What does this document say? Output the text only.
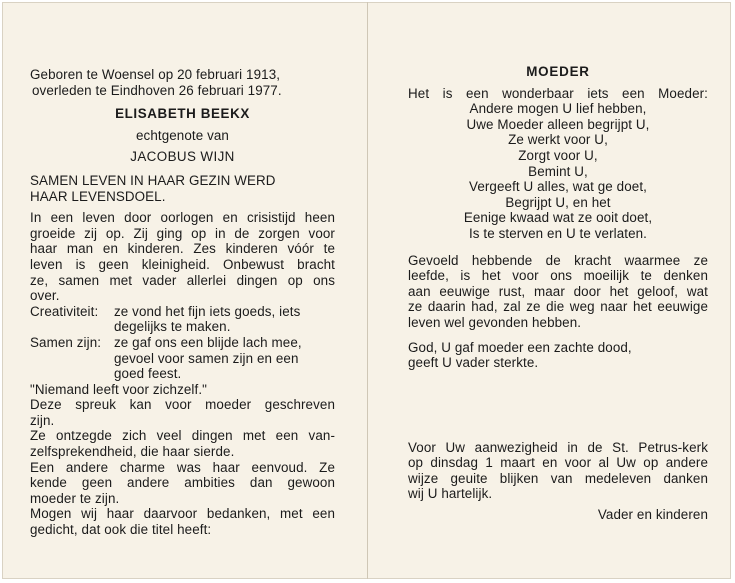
Geboren te Woensel op 20 februari 1913,
overleden te Eindhoven 26 februari 1977.
ELISABETH BEEKX
echtgenote van
JACOBUS WIJN
SAMEN LEVEN IN HAAR GEZIN WERD
HAAR LEVENSDOEL.
In een leven door oorlogen en crisistijd heen
groeide zij op. Zij ging op in de zorgen voor
haar man en kinderen. Zes kinderen vóór te
leven is geen kleinigheid. Onbewust bracht
ze, samen met vader allerlei dingen op ons
over.
Creativiteit:	ze vond het fijn iets goeds, iets
degelijks te maken.
Samen zijn: ze gaf ons een blijde lach mee,
gevoel voor samen zijn en een
goed feest.
"Niemand leeft voor zichzelf."
Deze spreuk kan voor moeder geschreven
zijn.
Ze ontzegde zich veel dingen met een van-
zelfsprekendheid, die haar sierde.
Een andere charme was haar eenvoud. Ze
kende geen andere ambities dan gewoon
moeder te zijn.
Mogen wij haar daarvoor bedanken, met een
gedicht, dat ook die titel heeft:
MOEDER
Het is een wonderbaar iets een Moeder:
Andere mogen U lief hebben,
Uwe Moeder alleen begrijpt U,
Ze werkt voor U,
Zorgt voor U,
Bemint U,
Vergeeft U alles, wat ge doet,
Begrijpt U, en het
Eenige kwaad wat ze ooit doet,
Is te sterven en U te verlaten.
Gevoeld hebbende de kracht waarmee ze
leefde, is het voor ons moeilijk te denken
aan eeuwige rust, maar door het geloof, wat
ze daarin had, zal ze die weg naar het eeuwige
leven wel gevonden hebben.
God, U gaf moeder een zachte dood,
geeft U vader sterkte.
Voor Uw aanwezigheid in de St. Petrus-kerk
op dinsdag 1 maart en voor al Uw op andere
wijze geuite blijken van medeleven danken
wij U hartelijk.
Vader en kinderen
